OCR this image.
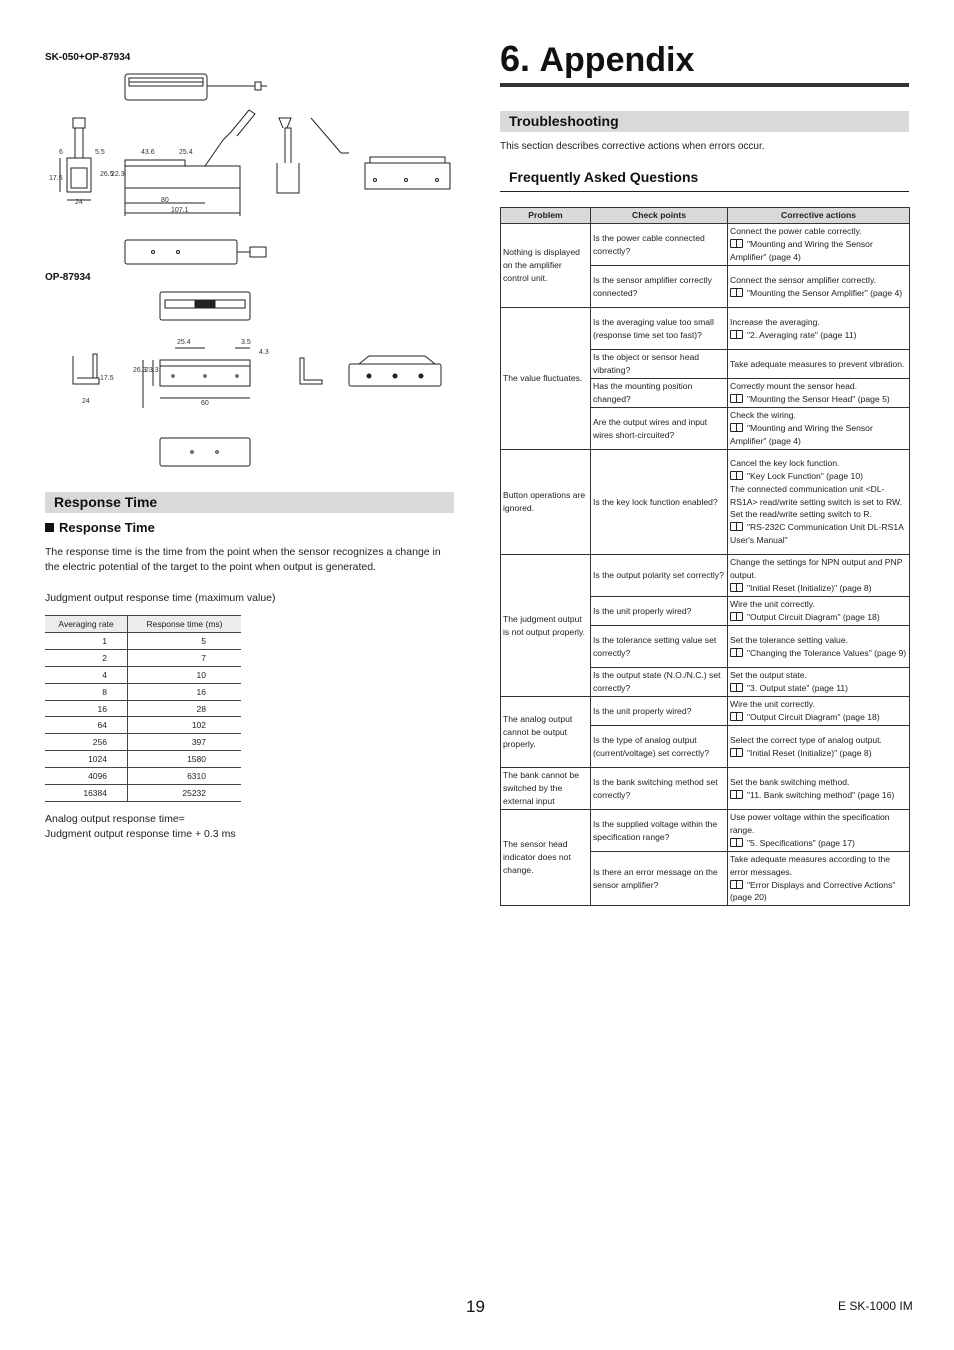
SK-050+OP-87934
6	5.5	43.6	25.4
17.5
26.5
22.3
24	80
107.1
OP-87934
25.4	3.5
4.3
17.5
26.3
23.3
24	60
Response Time
Response Time

The response time is the time from the point when the sensor recognizes a change in the electric potential of the target to the point when output is generated.

Judgment output response time (maximum value)
Averaging rate	Response time (ms)
1	5
2	7
4	10
8	16
16	28
64	102
256	397
1024	1580
4096	6310
16384	25232
Analog output response time=
Judgment output response time + 0.3 ms
6. Appendix
Troubleshooting
This section describes corrective actions when errors occur.
Frequently Asked Questions
Problem	Check points	Corrective actions
Nothing is displayed on the amplifier control unit.	Is the power cable connected correctly?	Connect the power cable correctly.
"Mounting and Wiring the Sensor Amplifier" (page 4)

	Is the sensor amplifier correctly connected?	Connect the sensor amplifier correctly.
"Mounting the Sensor Amplifier" (page 4)

The value fluctuates.	Is the averaging value too small (response time set too fast)?	Increase the averaging.
"2. Averaging rate" (page 11)

	Is the object or sensor head vibrating?	Take adequate measures to prevent vibration.

	Has the mounting position changed?	Correctly mount the sensor head.
"Mounting the Sensor Head" (page 5)

	Are the output wires and input wires short-circuited?	Check the wiring.
"Mounting and Wiring the Sensor Amplifier" (page 4)

Button operations are ignored.	Is the key lock function enabled?	Cancel the key lock function.
"Key Lock Function" (page 10)
The connected communication unit <DL-RS1A> read/write setting switch is set to RW.
Set the read/write setting switch to R.
"RS-232C Communication Unit DL-RS1A User's Manual"

The judgment output is not output properly.	Is the output polarity set correctly?	Change the settings for NPN output and PNP output.
"Initial Reset (Initialize)" (page 8)

	Is the unit properly wired?	Wire the unit correctly.
"Output Circuit Diagram" (page 18)

	Is the tolerance setting value set correctly?	Set the tolerance setting value.
"Changing the Tolerance Values" (page 9)

	Is the output state (N.O./N.C.) set correctly?	Set the output state.
"3. Output state" (page 11)

The analog output cannot be output properly.	Is the unit properly wired?	Wire the unit correctly.
"Output Circuit Diagram" (page 18)

	Is the type of analog output (current/voltage) set correctly?	Select the correct type of analog output.
"Initial Reset (Initialize)" (page 8)

The bank cannot be switched by the external input	Is the bank switching method set correctly?	Set the bank switching method.
"11. Bank switching method" (page 16)

The sensor head indicator does not change.	Is the supplied voltage within the specification range?	Use power voltage within the specification range.
"5. Specifications" (page 17)

	Is there an error message on the sensor amplifier?	Take adequate measures according to the error messages.
"Error Displays and Corrective Actions" (page 20)
19	E SK-1000 IM
